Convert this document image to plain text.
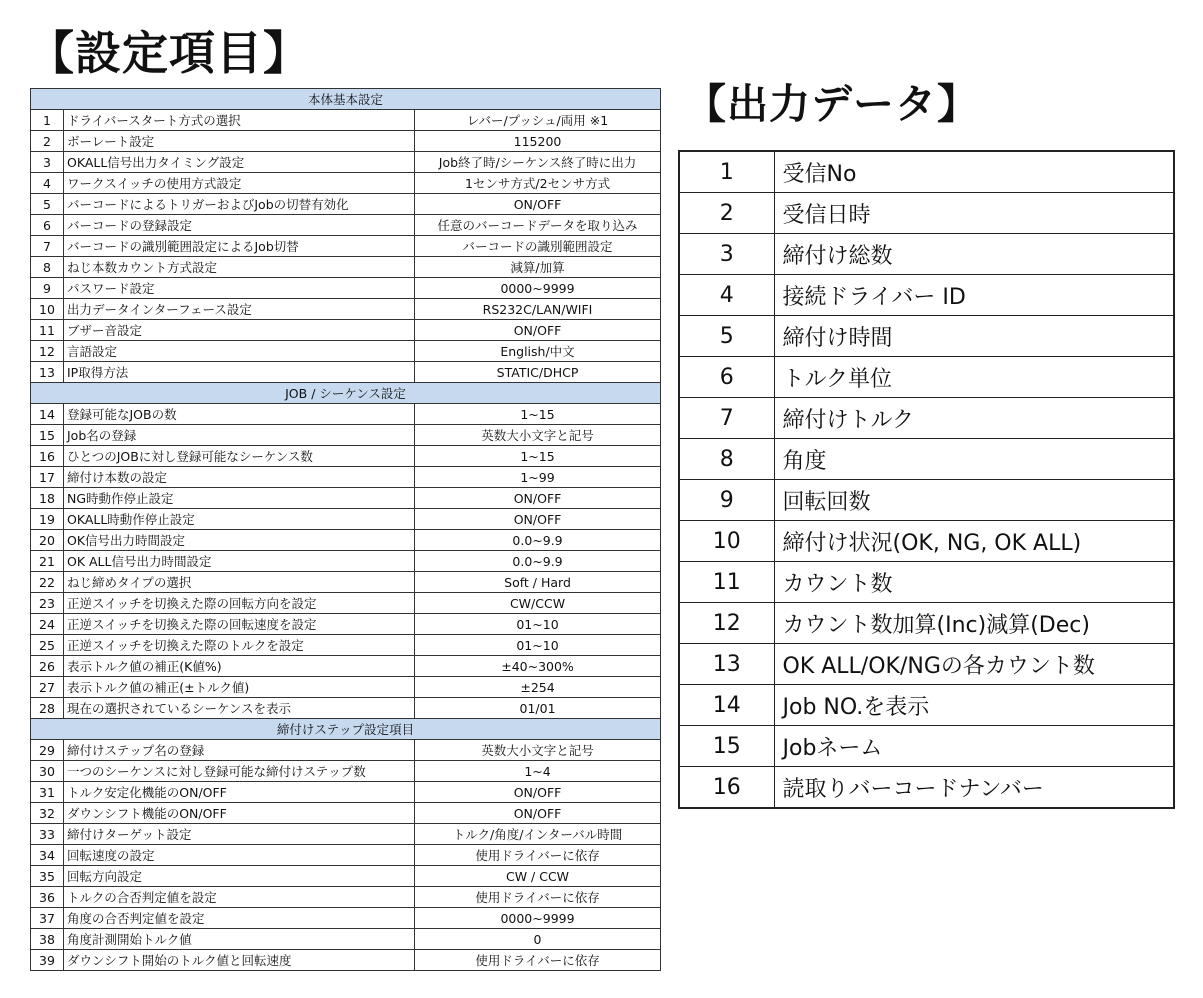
【設定項目】
【出力データ】
本体基本設定		
1	ドライバースタート方式の選択	レバー/プッシュ/両用 ※1
2	ボーレート設定	115200
3	OKALL信号出力タイミング設定	Job終了時/シーケンス終了時に出力
4	ワークスイッチの使用方式設定	1センサ方式/2センサ方式
5	バーコードによるトリガーおよびJobの切替有効化	ON/OFF
6	バーコードの登録設定	任意のバーコードデータを取り込み
7	バーコードの識別範囲設定によるJob切替	バーコードの識別範囲設定
8	ねじ本数カウント方式設定	減算/加算
9	パスワード設定	0000~9999
10	出力データインターフェース設定	RS232C/LAN/WIFI
11	ブザー音設定	ON/OFF
12	言語設定	English/中文
13	IP取得方法	STATIC/DHCP
JOB / シーケンス設定		
14	登録可能なJOBの数	1~15
15	Job名の登録	英数大小文字と記号
16	ひとつのJOBに対し登録可能なシーケンス数	1~15
17	締付け本数の設定	1~99
18	NG時動作停止設定	ON/OFF
19	OKALL時動作停止設定	ON/OFF
20	OK信号出力時間設定	0.0~9.9
21	OK ALL信号出力時間設定	0.0~9.9
22	ねじ締めタイプの選択	Soft / Hard
23	正逆スイッチを切換えた際の回転方向を設定	CW/CCW
24	正逆スイッチを切換えた際の回転速度を設定	01~10
25	正逆スイッチを切換えた際のトルクを設定	01~10
26	表示トルク値の補正(K値%)	±40~300%
27	表示トルク値の補正(±トルク値)	±254
28	現在の選択されているシーケンスを表示	01/01
締付けステップ設定項目		
29	締付けステップ名の登録	英数大小文字と記号
30	一つのシーケンスに対し登録可能な締付けステップ数	1~4
31	トルク安定化機能のON/OFF	ON/OFF
32	ダウンシフト機能のON/OFF	ON/OFF
33	締付けターゲット設定	トルク/角度/インターバル時間
34	回転速度の設定	使用ドライバーに依存
35	回転方向設定	CW / CCW
36	トルクの合否判定値を設定	使用ドライバーに依存
37	角度の合否判定値を設定	0000~9999
38	角度計測開始トルク値	0
39	ダウンシフト開始のトルク値と回転速度	使用ドライバーに依存
1	受信No
2	受信日時
3	締付け総数
4	接続ドライバー ID
5	締付け時間
6	トルク単位
7	締付けトルク
8	角度
9	回転回数
10	締付け状況(OK, NG, OK ALL)
11	カウント数
12	カウント数加算(Inc)減算(Dec)
13	OK ALL/OK/NGの各カウント数
14	Job NO.を表示
15	Jobネーム
16	読取りバーコードナンバー
